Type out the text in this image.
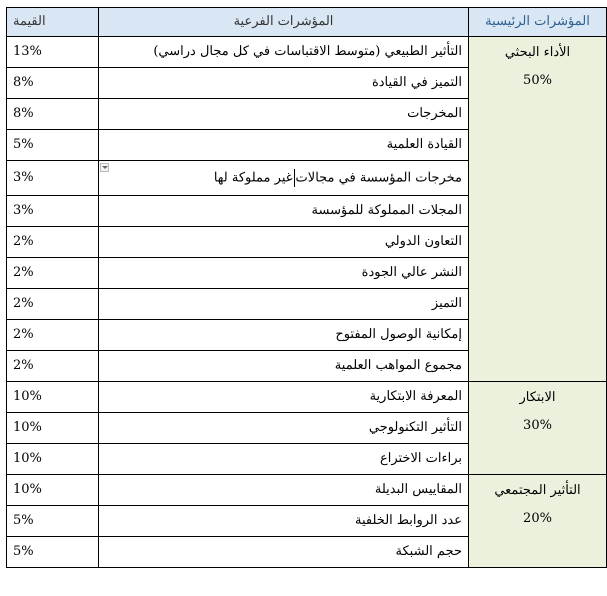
المؤشرات الرئيسية	المؤشرات الفرعية	القيمة

الأداء البحثي
50%	التأثير الطبيعي (متوسط الاقتباسات في كل مجال دراسي)	13%
	التميز في القيادة	8%
	المخرجات	8%
	القيادة العلمية	5%
	مخرجات المؤسسة في مجالاتغير مملوكة لها	3%
	المجلات المملوكة للمؤسسة	3%
	التعاون الدولي	2%
	النشر عالي الجودة	2%
	التميز	2%
	إمكانية الوصول المفتوح	2%
	مجموع المواهب العلمية	2%

الابتكار
30%	المعرفة الابتكارية	10%
	التأثير التكنولوجي	10%
	براءات الاختراع	10%

التأثير المجتمعي
20%	المقاييس البديلة	10%
	عدد الروابط الخلفية	5%
	حجم الشبكة	5%
